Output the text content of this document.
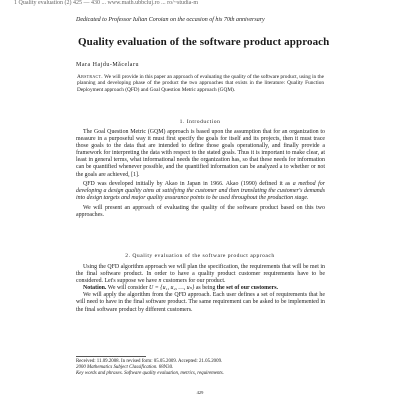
1 Quality evaluation (2) 425 — 430 ... www.math.ubbcluj.ro ... ro/~studia-m
Dedicated to Professor Iulian Coroian on the occasion of his 70th anniversary
Quality evaluation of the software product approach
Mara Hajdu-Măcelaru
Abstract. We will provide in this paper an approach of evaluating the quality of the software product, using in the planning and developing phase of the product the two approaches that exists in the literature: Quality Function Deployment approach (QFD) and Goal Question Metric approach (GQM).
1. Introduction

The Goal Question Metric (GQM) approach is based upon the assumption that for an organization to measure in a purposeful way it must first specify the goals for itself and its projects, then it must trace those goals to the data that are intended to define those goals operationally, and finally provide a framework for interpreting the data with respect to the stated goals. Thus it is important to make clear, at least in general terms, what informational needs the organization has, so that these needs for information can be quantified whenever possible, and the quantified information can be analyzed a to whether or not the goals are achieved, [1].

QFD was developed initially by Akao in Japan in 1966. Akao (1990) defined it as a method for developing a design quality aims at satisfying the customer and then translating the customer's demands into design targets and major quality assurance points to be used throughout the production stage.

We will present an approach of evaluating the quality of the software product based on this two approaches.

2. Quality evaluation of the software product approach

Using the QFD algorithm approach we will plan the specification, the requirements that will be met in the final software product. In order to have a quality product customer requirements have to be considered. Let's suppose we have n customers for our product.

Notation. We will consider U = {u₁, u₂, …, uₙ} as being the set of our customers.

We will apply the algorithm from the QFD approach. Each user defines a set of requirements that he will need to have in the final software product. The same requirement can be asked to be implemented in the final software product by different customers.

Received: 11.09.2008. In revised form: 05.05.2009. Accepted: 21.05.2009.
2000 Mathematics Subject Classification. 68N30.
Key words and phrases. Software quality evaluation, metrics, requirements.
429
